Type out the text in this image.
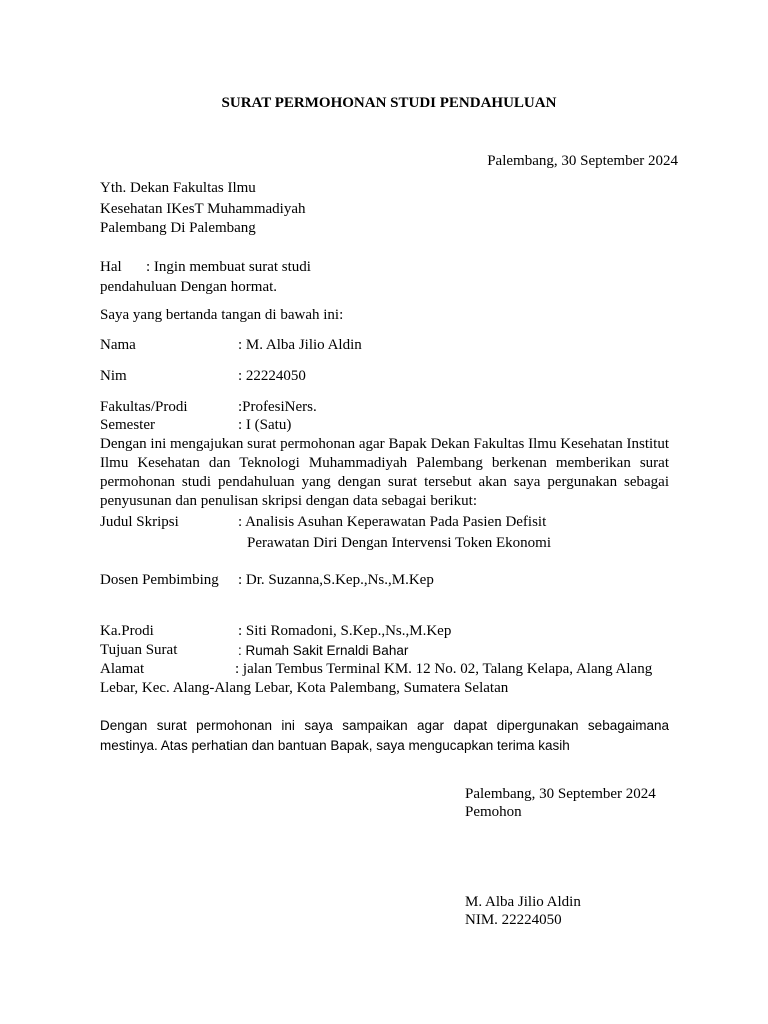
SURAT PERMOHONAN STUDI PENDAHULUAN
Palembang, 30 September 2024
Yth. Dekan Fakultas Ilmu
Kesehatan IKesT Muhammadiyah
Palembang Di Palembang
Hal : Ingin membuat surat studi
pendahuluan Dengan hormat.
Saya yang bertanda tangan di bawah ini:
Nama	: M. Alba Jilio Aldin
Nim	: 22224050
Fakultas/Prodi	:ProfesiNers.
Semester	: I (Satu)
Dengan ini mengajukan surat permohonan agar Bapak Dekan Fakultas Ilmu Kesehatan Institut Ilmu Kesehatan dan Teknologi Muhammadiyah Palembang berkenan memberikan surat permohonan studi pendahuluan yang dengan surat tersebut akan saya pergunakan sebagai penyusunan dan penulisan skripsi dengan data sebagai berikut:
Judul Skripsi	: Analisis Asuhan Keperawatan Pada Pasien Defisit
Perawatan Diri Dengan Intervensi Token Ekonomi
Dosen Pembimbing : Dr. Suzanna,S.Kep.,Ns.,M.Kep
Ka.Prodi	: Siti Romadoni, S.Kep.,Ns.,M.Kep
Tujuan Surat	: Rumah Sakit Ernaldi Bahar
Alamat	: jalan Tembus Terminal KM. 12 No. 02, Talang Kelapa, Alang Alang
Lebar, Kec. Alang-Alang Lebar, Kota Palembang, Sumatera Selatan
Dengan surat permohonan ini saya sampaikan agar dapat dipergunakan sebagaimana mestinya. Atas perhatian dan bantuan Bapak, saya mengucapkan terima kasih
Palembang, 30 September 2024
Pemohon
M. Alba Jilio Aldin
NIM. 22224050
